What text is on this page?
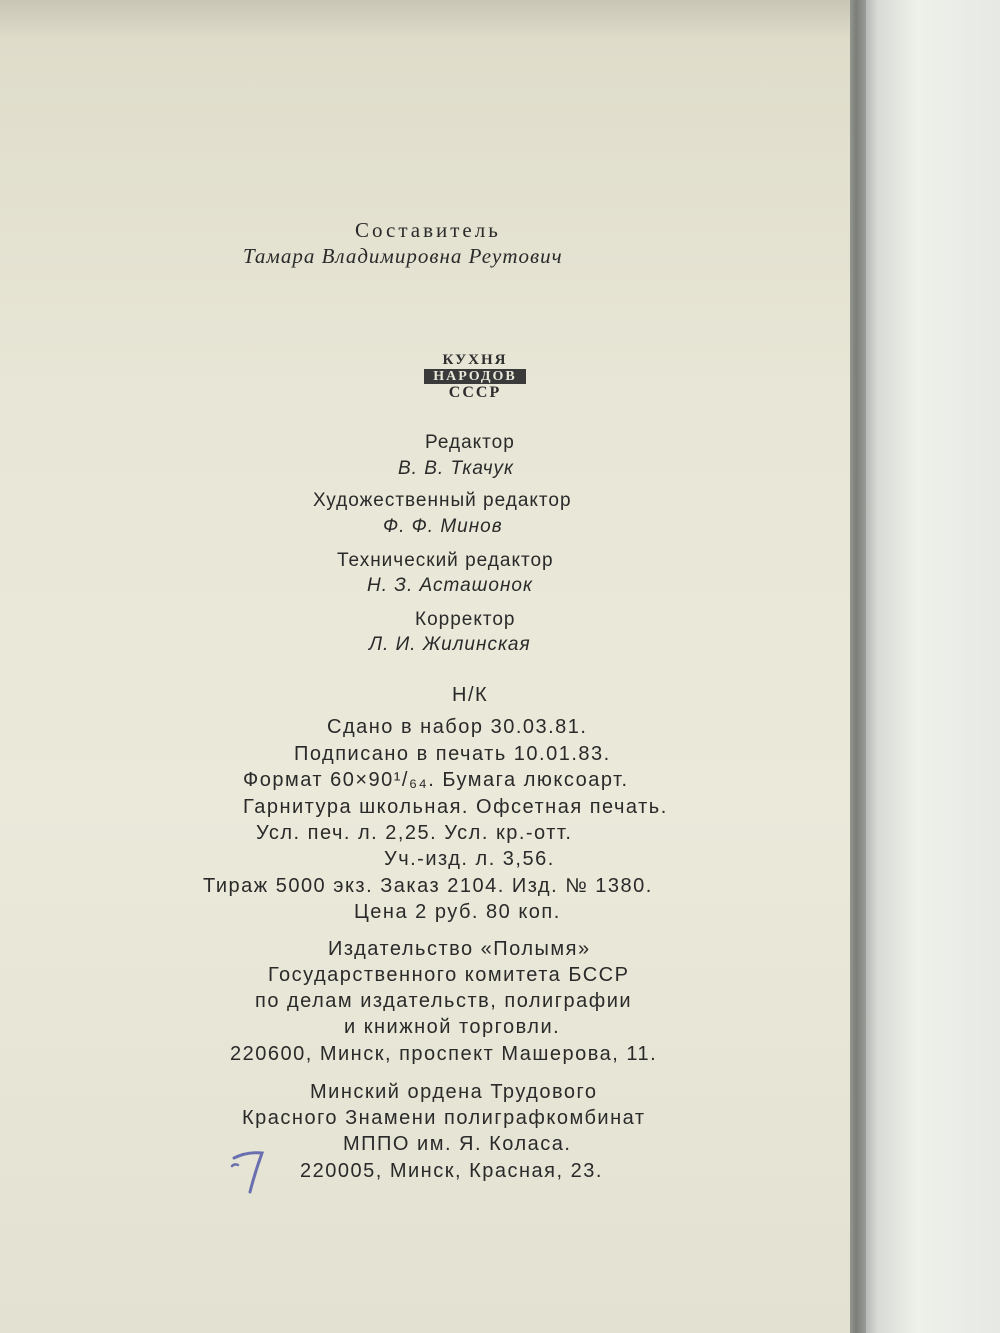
Составитель

Тамара Владимировна Реутович

КУХНЯ
НАРОДОВ
СССР

Редактор

В. В. Ткачук

Художественный редактор

Ф. Ф. Минов

Технический редактор

Н. З. Асташонок

Корректор

Л. И. Жилинская

Н/К

Сдано в набор 30.03.81.

Подписано в печать 10.01.83.

Формат 60×90¹/₆₄. Бумага люксоарт.

Гарнитура школьная. Офсетная печать.

Усл. печ. л. 2,25. Усл. кр.-отт.

Уч.-изд. л. 3,56.

Тираж 5000 экз. Заказ 2104. Изд. № 1380.

Цена 2 руб. 80 коп.

Издательство «Полымя»

Государственного комитета БССР

по делам издательств, полиграфии

и книжной торговли.

220600, Минск, проспект Машерова, 11.

Минский ордена Трудового

Красного Знамени полиграфкомбинат

МППО им. Я. Коласа.

220005, Минск, Красная, 23.
